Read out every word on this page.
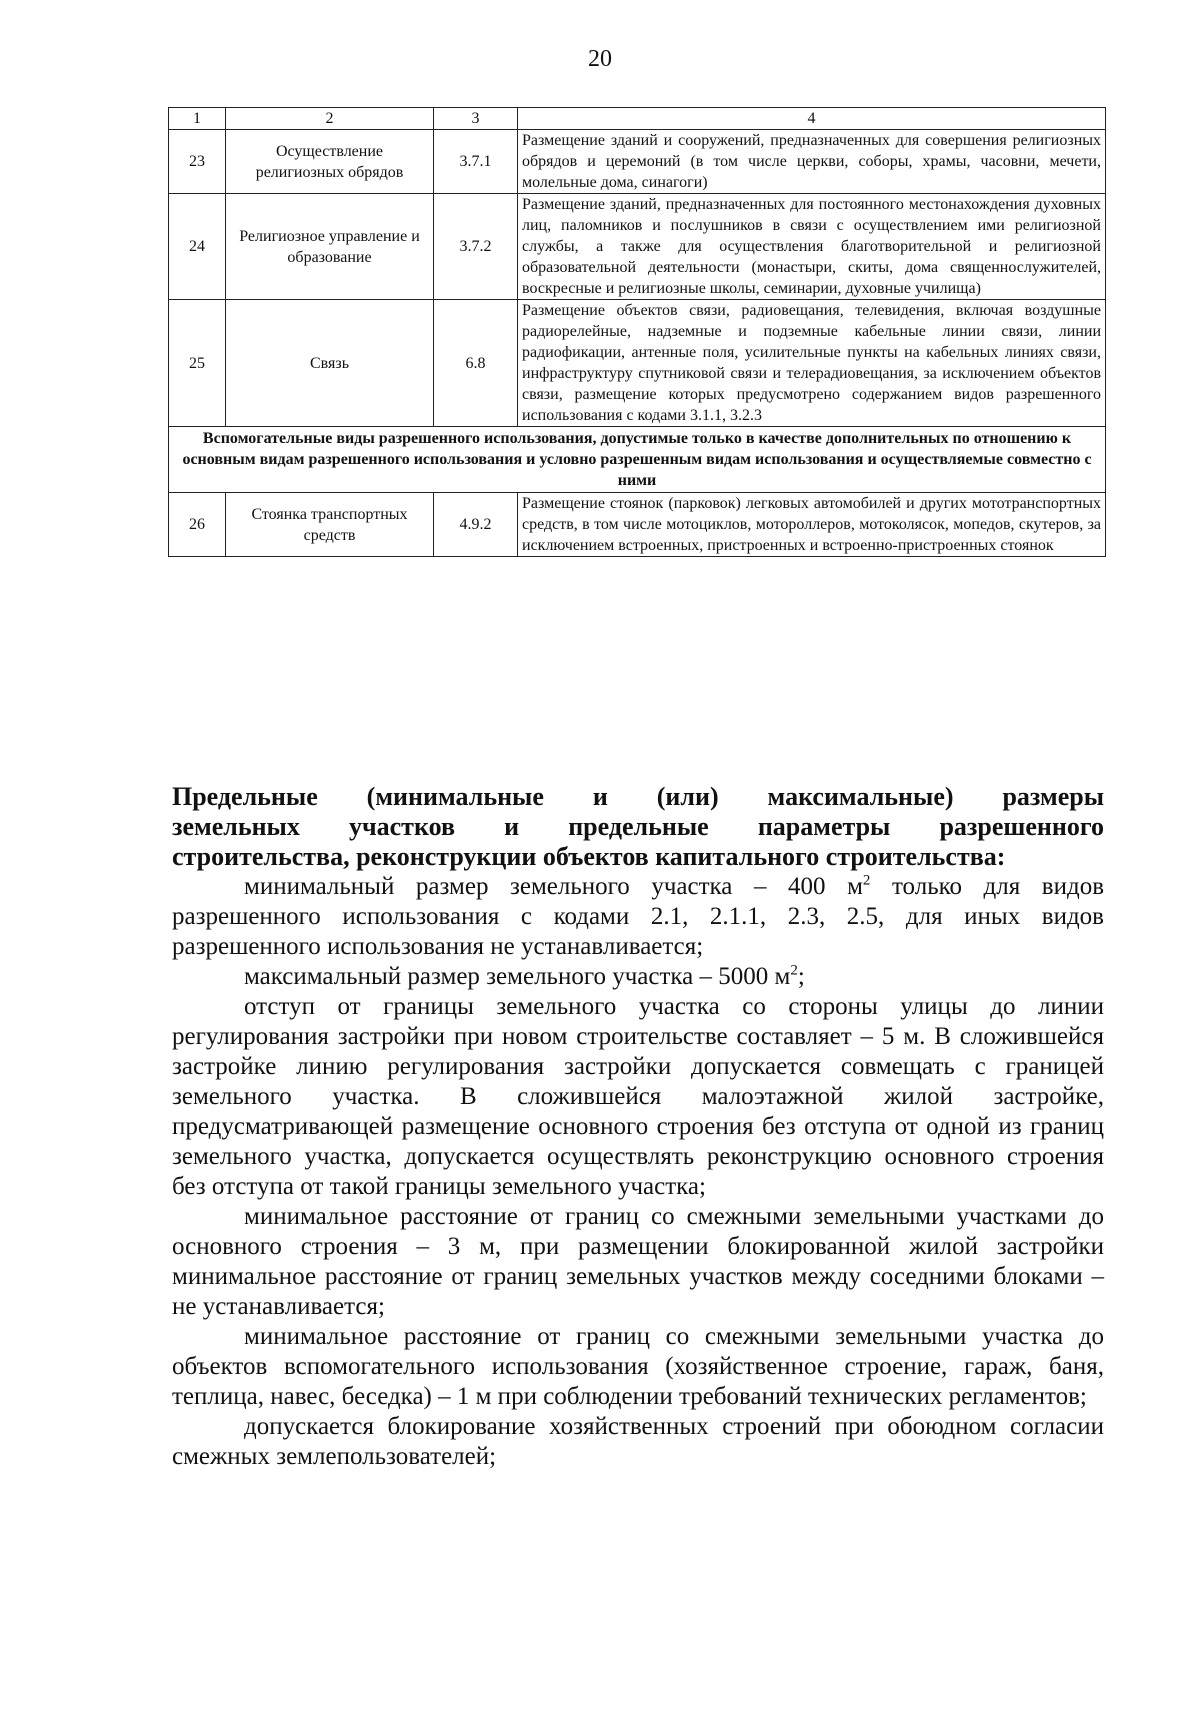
20
1	2	3	4
23	Осуществление религиозных обрядов	3.7.1	Размещение зданий и сооружений, предназначенных для совершения религиозных обрядов и церемоний (в том числе церкви, соборы, храмы, часовни, мечети, молельные дома, синагоги)
24	Религиозное управление и образование	3.7.2	Размещение зданий, предназначенных для постоянного местонахождения духовных лиц, паломников и послушников в связи с осуществлением ими религиозной службы, а также для осуществления благотворительной и религиозной образовательной деятельности (монастыри, скиты, дома священнослужителей, воскресные и религиозные школы, семинарии, духовные училища)
25	Связь	6.8	Размещение объектов связи, радиовещания, телевидения, включая воздушные радиорелейные, надземные и подземные кабельные линии связи, линии радиофикации, антенные поля, усилительные пункты на кабельных линиях связи, инфраструктуру спутниковой связи и телерадиовещания, за исключением объектов связи, размещение которых предусмотрено содержанием видов разрешенного использования с кодами 3.1.1, 3.2.3
Вспомогательные виды разрешенного использования, допустимые только в качестве дополнительных по отношению к основным видам разрешенного использования и условно разрешенным видам использования и осуществляемые совместно с ними			
26	Стоянка транспортных средств	4.9.2	Размещение стоянок (парковок) легковых автомобилей и других мототранспортных средств, в том числе мотоциклов, мотороллеров, мотоколясок, мопедов, скутеров, за исключением встроенных, пристроенных и встроенно-пристроенных стоянок
Предельные (минимальные и (или) максимальные) размеры
земельных участков и предельные параметры разрешенного
строительства, реконструкции объектов капитального строительства:

минимальный размер земельного участка – 400 $м^2$ только для видов разрешенного использования с кодами 2.1, 2.1.1, 2.3, 2.5, для иных видов разрешенного использования не устанавливается;

максимальный размер земельного участка – 5000 $м^2$;

отступ от границы земельного участка со стороны улицы до линии регулирования застройки при новом строительстве составляет – 5 м. В сложившейся застройке линию регулирования застройки допускается совмещать с границей земельного участка. В сложившейся малоэтажной жилой застройке, предусматривающей размещение основного строения без отступа от одной из границ земельного участка, допускается осуществлять реконструкцию основного строения без отступа от такой границы земельного участка;

минимальное расстояние от границ со смежными земельными участками до основного строения – 3 м, при размещении блокированной жилой застройки минимальное расстояние от границ земельных участков между соседними блоками – не устанавливается;

минимальное расстояние от границ со смежными земельными участка до объектов вспомогательного использования (хозяйственное строение, гараж, баня, теплица, навес, беседка) – 1 м при соблюдении требований технических регламентов;

допускается блокирование хозяйственных строений при обоюдном согласии смежных землепользователей;
